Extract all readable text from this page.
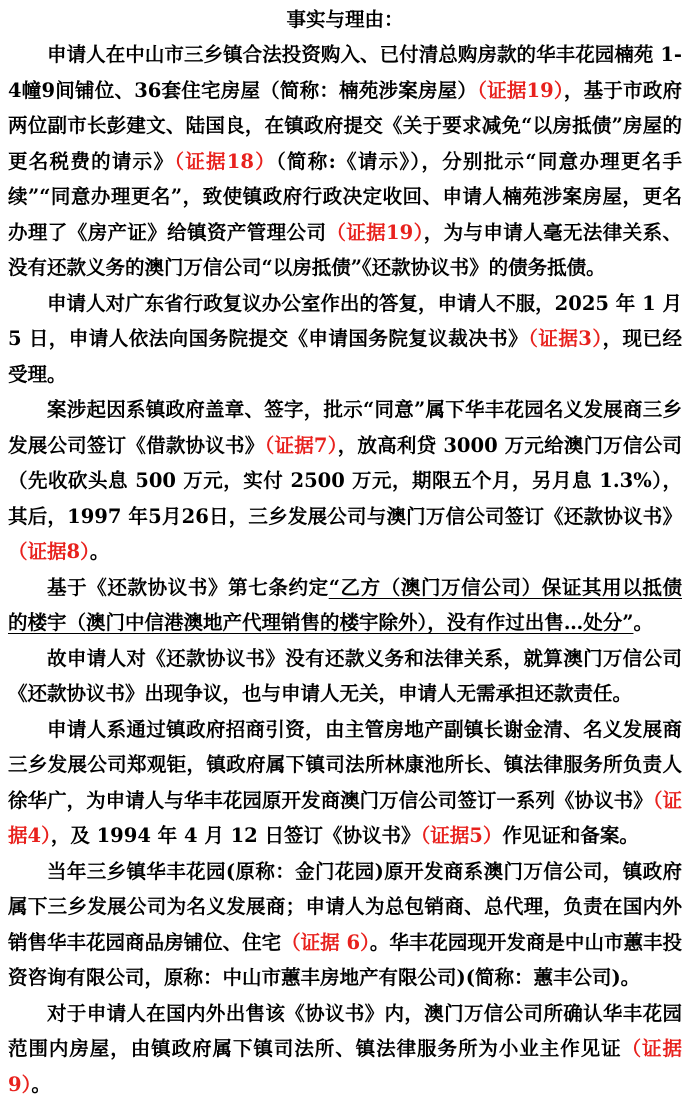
事实与理由：

申请人在中山市三乡镇合法投资购入、已付清总购房款的华丰花园楠苑 1-4幢9间铺位、36套住宅房屋（简称：楠苑涉案房屋）（证据19），基于市政府两位副市长彭建文、陆国良，在镇政府提交《关于要求减免“以房抵债”房屋的更名税费的请示》（证据18）（简称:《请示》），分别批示“同意办理更名手续”“同意办理更名”，致使镇政府行政决定收回、申请人楠苑涉案房屋，更名办理了《房产证》给镇资产管理公司（证据19），为与申请人毫无法律关系、没有还款义务的澳门万信公司“以房抵债”《还款协议书》的债务抵债。

申请人对广东省行政复议办公室作出的答复，申请人不服，2025 年 1 月 5 日，申请人依法向国务院提交《申请国务院复议裁决书》（证据3），现已经受理。

案涉起因系镇政府盖章、签字，批示“同意”属下华丰花园名义发展商三乡发展公司签订《借款协议书》（证据7），放高利贷 3000 万元给澳门万信公司（先收砍头息 500 万元，实付 2500 万元，期限五个月，另月息 1.3%），其后，1997 年5月26日，三乡发展公司与澳门万信公司签订《还款协议书》（证据8）。

基于《还款协议书》第七条约定“乙方（澳门万信公司）保证其用以抵债的楼宇（澳门中信港澳地产代理销售的楼宇除外），没有作过出售…处分”。

故申请人对《还款协议书》没有还款义务和法律关系，就算澳门万信公司《还款协议书》出现争议，也与申请人无关，申请人无需承担还款责任。

申请人系通过镇政府招商引资，由主管房地产副镇长谢金清、名义发展商三乡发展公司郑观钜，镇政府属下镇司法所林康池所长、镇法律服务所负责人徐华广，为申请人与华丰花园原开发商澳门万信公司签订一系列《协议书》（证据4），及 1994 年 4 月 12 日签订《协议书》（证据5）作见证和备案。

当年三乡镇华丰花园(原称：金门花园)原开发商系澳门万信公司，镇政府属下三乡发展公司为名义发展商；申请人为总包销商、总代理，负责在国内外销售华丰花园商品房铺位、住宅（证据 6）。华丰花园现开发商是中山市蕙丰投资咨询有限公司，原称：中山市蕙丰房地产有限公司)(简称：蕙丰公司)。

对于申请人在国内外出售该《协议书》内，澳门万信公司所确认华丰花园范围内房屋，由镇政府属下镇司法所、镇法律服务所为小业主作见证（证据 9）。
